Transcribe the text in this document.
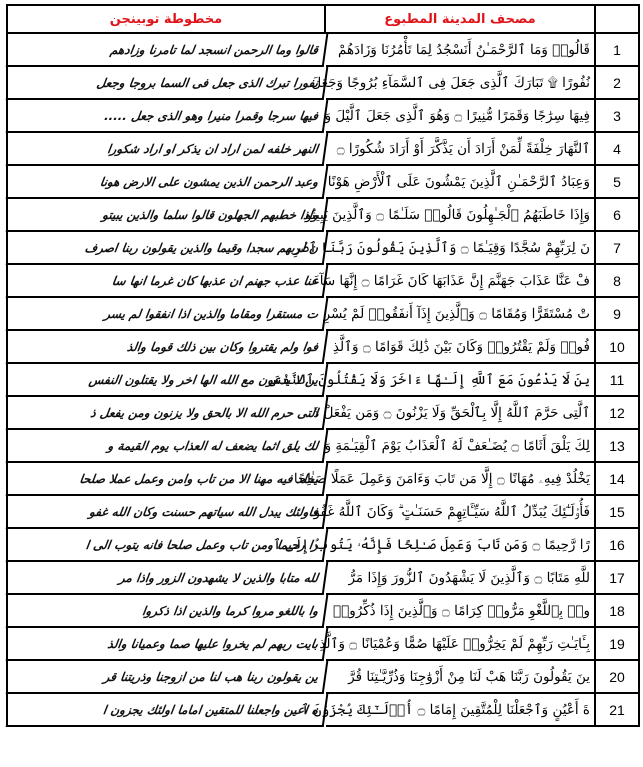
مخطوطة توبينجن	مصحف المدينة المطبوع	
قالوا وما الرحمن انسجد لما تامرنا وزادهم	قَالُوا۟ وَمَا ٱلرَّحْمَـٰنُ أَنَسْجُدُ لِمَا تَأْمُرُنَا وَزَادَهُمْ	1
نفورا تبرك الذى جعل فى السما بروجا وجعل	نُفُورًا ۩ تَبَارَكَ ٱلَّذِى جَعَلَ فِى ٱلسَّمَآءِ بُرُوجًا وَجَعَلَ	2
فيها سرجا وقمرا منيرا وهو الذى جعل .....	فِيهَا سِرَٰجًا وَقَمَرًا مُّنِيرًا ۝ وَهُوَ ٱلَّذِى جَعَلَ ٱلَّيْلَ وَ	3
النهر خلفه لمن اراد ان يذكر او اراد شكورا	ٱلنَّهَارَ خِلْفَةً لِّمَنْ أَرَادَ أَن يَذَّكَّرَ أَوْ أَرَادَ شُكُورًا ۝	4
وعبد الرحمن الذين يمشون على الارض هونا	وَعِبَادُ ٱلرَّحْمَـٰنِ ٱلَّذِينَ يَمْشُونَ عَلَى ٱلْأَرْضِ هَوْنًا	5
واذا خطبهم الجهلون قالوا سلما والذين يبيتو	وَإِذَا خَاطَبَهُمُ ٱلْجَـٰهِلُونَ قَالُوا۟ سَلَـٰمًا ۝ وَٱلَّذِينَ يَبِيتُو	6
ن لربهم سجدا وقيما والذين يقولون ربنا اصرف	نَ لِرَبِّهِمْ سُجَّدًا وَقِيَـٰمًا ۝ وَٱلَّذِينَ يَقُولُونَ رَبَّنَا ٱصْرِ	7
عنا عذب جهنم ان عذبها كان غرما انها سا	فْ عَنَّا عَذَابَ جَهَنَّمَ إِنَّ عَذَابَهَا كَانَ غَرَامًا ۝ إِنَّهَا سَآءَ	8
ت مستقرا ومقاما والذين اذا انفقوا لم يسر	تْ مُسْتَقَرًّا وَمُقَامًا ۝ وَٱلَّذِينَ إِذَآ أَنفَقُوا۟ لَمْ يُسْرِ	9
فوا ولم يقتروا وكان بين ذلك قوما والذ	فُوا۟ وَلَمْ يَقْتُرُوا۟ وَكَانَ بَيْنَ ذَٰلِكَ قَوَامًا ۝ وَٱلَّذِ	10
ين لا يدعون مع الله الها اخر ولا يقتلون النفس	ينَ لَا يَدْعُونَ مَعَ ٱللَّهِ إِلَـٰهًا ءَاخَرَ وَلَا يَقْتُلُونَ ٱلنَّفْسَ	11
التى حرم الله الا بالحق ولا يزنون ومن يفعل ذ	ٱلَّتِى حَرَّمَ ٱللَّهُ إِلَّا بِٱلْحَقِّ وَلَا يَزْنُونَ ۝ وَمَن يَفْعَلْ ذَ	12
لك يلق اثما يضعف له العذاب يوم القيمة و	لِكَ يَلْقَ أَثَامًا ۝ يُضَـٰعَفْ لَهُ ٱلْعَذَابُ يَوْمَ ٱلْقِيَـٰمَةِ وَ	13
يخلد فيه مهنا الا من تاب وامن وعمل عملا صلحا	يَخْلُدْ فِيهِۦ مُهَانًا ۝ إِلَّا مَن تَابَ وَءَامَنَ وَعَمِلَ عَمَلًا صَـٰلِحًا	14
فاولئك يبدل الله سياتهم حسنت وكان الله غفو	فَأُو۟لَـٰٓئِكَ يُبَدِّلُ ٱللَّهُ سَيِّـَٔاتِهِمْ حَسَنَـٰتٍ ۗ وَكَانَ ٱللَّهُ غَفُو	15
را رحيما ومن تاب وعمل صلحا فانه يتوب الى ا	رًا رَّحِيمًا ۝ وَمَن تَابَ وَعَمِلَ صَـٰلِحًا فَإِنَّهُۥ يَتُوبُ إِلَى ٱ	16
لله متابا والذين لا يشهدون الزور واذا مر	للَّهِ مَتَابًا ۝ وَٱلَّذِينَ لَا يَشْهَدُونَ ٱلزُّورَ وَإِذَا مَرُّ	17
وا باللغو مروا كرما والذين اذا ذكروا	وا۟ بِٱللَّغْوِ مَرُّوا۟ كِرَامًا ۝ وَٱلَّذِينَ إِذَا ذُكِّرُوا۟	18
بايت ربهم لم يخروا عليها صما وعميانا والذ	بِـَٔايَـٰتِ رَبِّهِمْ لَمْ يَخِرُّوا۟ عَلَيْهَا صُمًّا وَعُمْيَانًا ۝ وَٱلَّذِ	19
ين يقولون ربنا هب لنا من ازوجنا وذريتنا قر	ينَ يَقُولُونَ رَبَّنَا هَبْ لَنَا مِنْ أَزْوَٰجِنَا وَذُرِّيَّـٰتِنَا قُرَّ	20
ه اعين واجعلنا للمتقين اماما اولئك يجزون ا	ةَ أَعْيُنٍ وَٱجْعَلْنَا لِلْمُتَّقِينَ إِمَامًا ۝ أُو۟لَـٰٓئِكَ يُجْزَوْنَ ٱ	21
